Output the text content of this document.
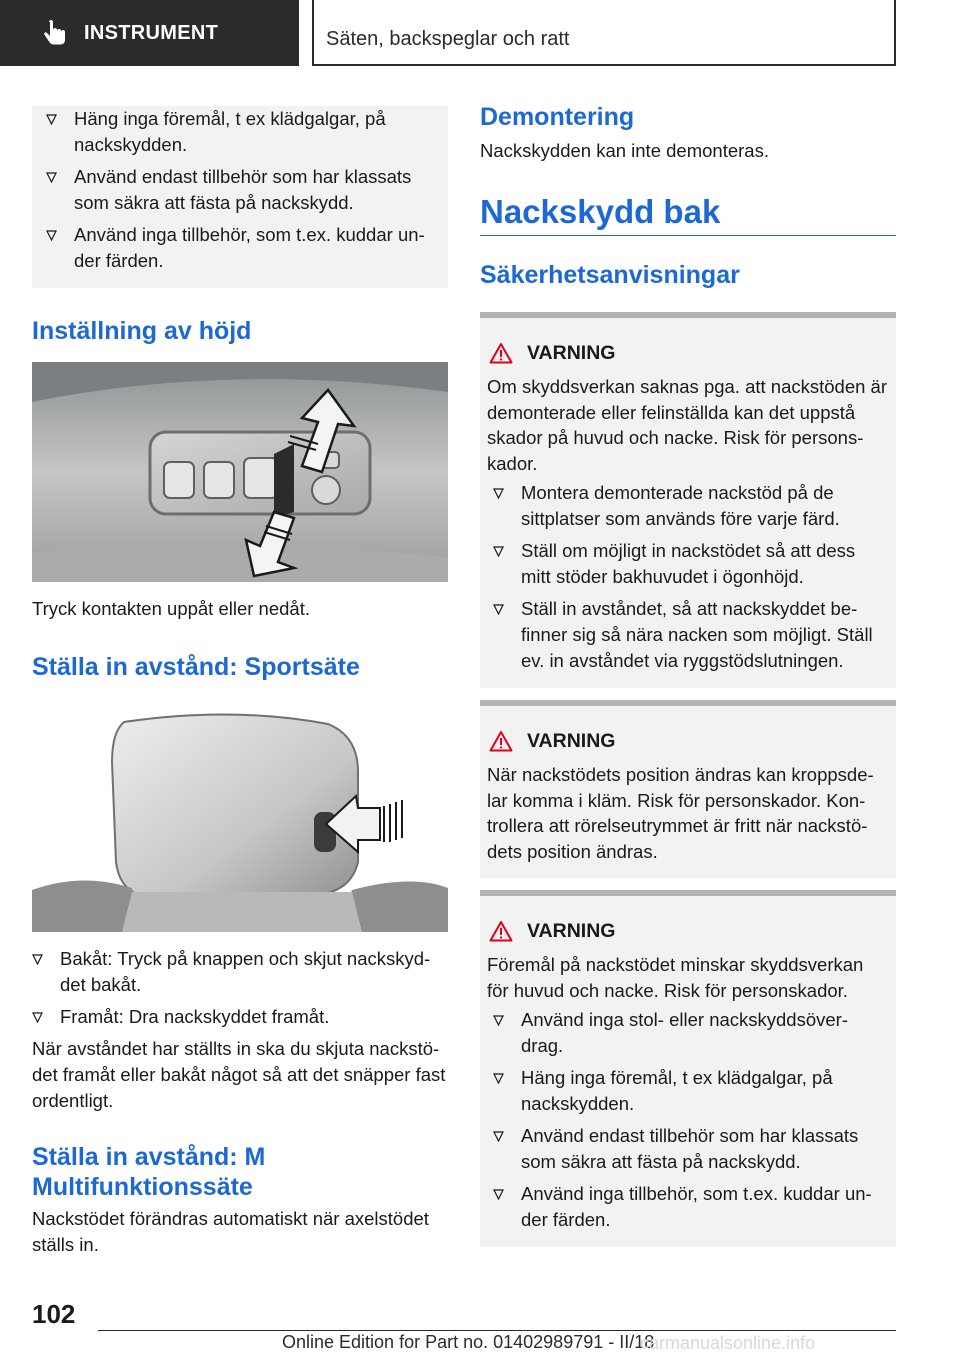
INSTRUMENT	Säten, backspeglar och ratt
Häng inga föremål, t ex klädgalgar, på nackskydden.
Använd endast tillbehör som har klassats som säkra att fästa på nackskydd.
Använd inga tillbehör, som t.ex. kuddar un-der färden.
Inställning av höjd
Tryck kontakten uppåt eller nedåt.
Ställa in avstånd: Sportsäte
Bakåt: Tryck på knappen och skjut nackskyd-det bakåt.
Framåt: Dra nackskyddet framåt.
När avståndet har ställts in ska du skjuta nackstö-det framåt eller bakåt något så att det snäpper fast ordentligt.
Ställa in avstånd: M
Multifunktionssäte
Nackstödet förändras automatiskt när axelstödet ställs in.
Demontering
Nackskydden kan inte demonteras.
Nackskydd bak
Säkerhetsanvisningar
VARNING
Om skyddsverkan saknas pga. att nackstöden är demonterade eller felinställda kan det uppstå skador på huvud och nacke. Risk för persons-kador.
Montera demonterade nackstöd på de sittplatser som används före varje färd.
Ställ om möjligt in nackstödet så att dess mitt stöder bakhuvudet i ögonhöjd.
Ställ in avståndet, så att nackskyddet be-finner sig så nära nacken som möjligt. Ställ ev. in avståndet via ryggstödslutningen.
VARNING
När nackstödets position ändras kan kroppsde-lar komma i kläm. Risk för personskador. Kon-trollera att rörelseutrymmet är fritt när nackstö-dets position ändras.
VARNING
Föremål på nackstödet minskar skyddsverkan för huvud och nacke. Risk för personskador.
Använd inga stol- eller nackskyddsöver-drag.
Häng inga föremål, t ex klädgalgar, på nackskydden.
Använd endast tillbehör som har klassats som säkra att fästa på nackskydd.
Använd inga tillbehör, som t.ex. kuddar un-der färden.
102
Online Edition for Part no. 01402989791 - II/18
carmanualsonline.info
